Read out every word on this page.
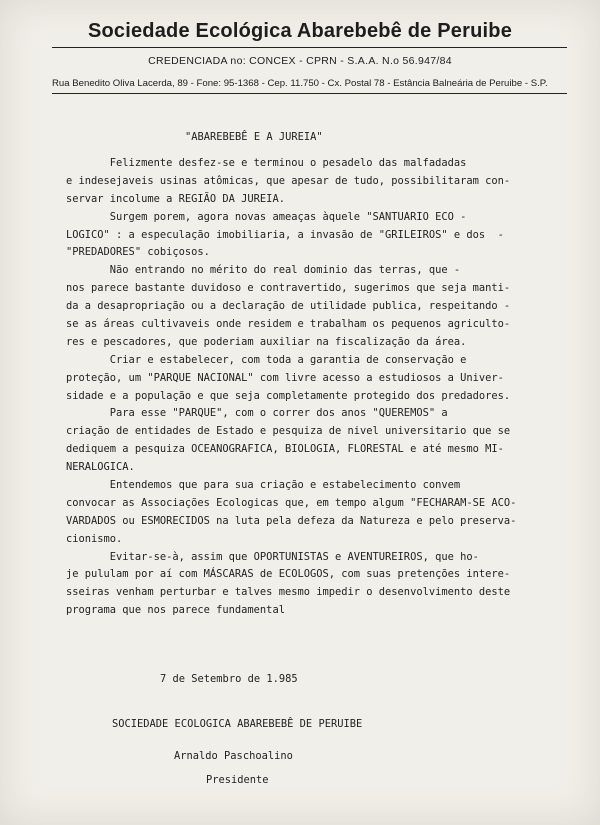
Sociedade Ecológica Abarebebê de Peruibe
CREDENCIADA no: CONCEX - CPRN - S.A.A. N.o 56.947/84
Rua Benedito Oliva Lacerda, 89 - Fone: 95-1368 - Cep. 11.750 - Cx. Postal 78 - Estância Balneária de Peruibe - S.P.
"ABAREBEBÊ E A JUREIA"
Felizmente desfez-se e terminou o pesadelo das malfadadas
e indesejaveis usinas atômicas, que apesar de tudo, possibilitaram con-
servar incolume a REGIÃO DA JUREIA.
Surgem porem, agora novas ameaças àquele "SANTUARIO ECO -
LOGICO" : a especulação imobiliaria, a invasão de "GRILEIROS" e dos  -
"PREDADORES" cobiçosos.
Não entrando no mérito do real dominio das terras, que -
nos parece bastante duvidoso e contravertido, sugerimos que seja manti-
da a desapropriação ou a declaração de utilidade publica, respeitando -
se as áreas cultivaveis onde residem e trabalham os pequenos agriculto-
res e pescadores, que poderiam auxiliar na fiscalização da área.
Criar e estabelecer, com toda a garantia de conservação e
proteção, um "PARQUE NACIONAL" com livre acesso a estudiosos a Univer-
sidade e a população e que seja completamente protegido dos predadores.
Para esse "PARQUE", com o correr dos anos "QUEREMOS" a
criação de entidades de Estado e pesquiza de nivel universitario que se
dediquem a pesquiza OCEANOGRAFICA, BIOLOGIA, FLORESTAL e até mesmo MI-
NERALOGICA.
Entendemos que para sua criação e estabelecimento convem
convocar as Associações Ecologicas que, em tempo algum "FECHARAM-SE ACO-
VARDADOS ou ESMORECIDOS na luta pela defeza da Natureza e pelo preserva-
cionismo.
Evitar-se-à, assim que OPORTUNISTAS e AVENTUREIROS, que ho-
je pululam por aí com MÁSCARAS de ECOLOGOS, com suas pretenções intere-
sseiras venham perturbar e talves mesmo impedir o desenvolvimento deste
programa que nos parece fundamental
7 de Setembro de 1.985
SOCIEDADE ECOLOGICA ABAREBEBÊ DE PERUIBE
Arnaldo Paschoalino
Presidente
